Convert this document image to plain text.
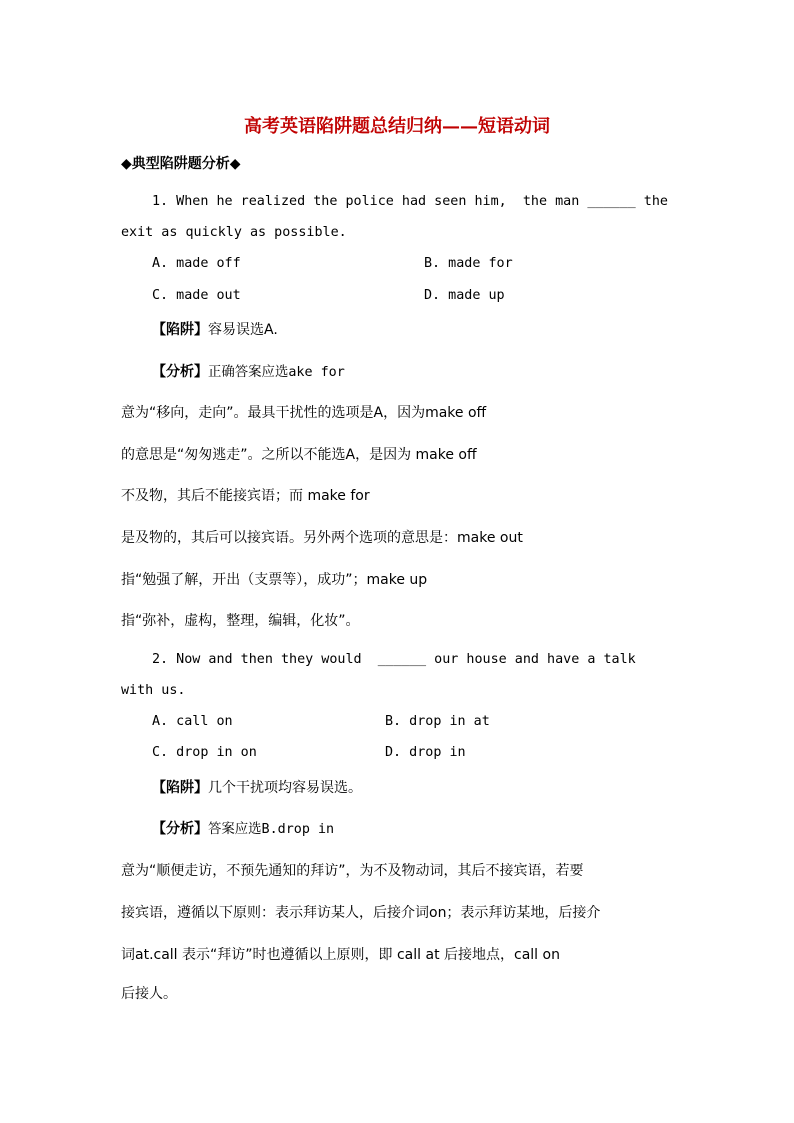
高考英语陷阱题总结归纳——短语动词
◆典型陷阱题分析◆
1. When he realized the police had seen him,  the man ______ the
exit as quickly as possible.
A. made off	B. made for
C. made out	D. made up
【陷阱】容易误选A.
【分析】正确答案应选ake for
意为“移向，走向”。最具干扰性的选项是A，因为make off
的意思是“匆匆逃走”。之所以不能选A，是因为 make off
不及物，其后不能接宾语；而 make for
是及物的，其后可以接宾语。另外两个选项的意思是：make out
指“勉强了解，开出（支票等），成功”；make up
指“弥补，虚构，整理，编辑，化妆”。
2. Now and then they would  ______ our house and have a talk
with us.
A. call on	B. drop in at
C. drop in on	D. drop in
【陷阱】几个干扰项均容易误选。
【分析】答案应选B.drop in
意为“顺便走访，不预先通知的拜访”，为不及物动词，其后不接宾语，若要
接宾语，遵循以下原则：表示拜访某人，后接介词on；表示拜访某地，后接介
词at.call 表示“拜访”时也遵循以上原则，即 call at 后接地点，call on
后接人。
